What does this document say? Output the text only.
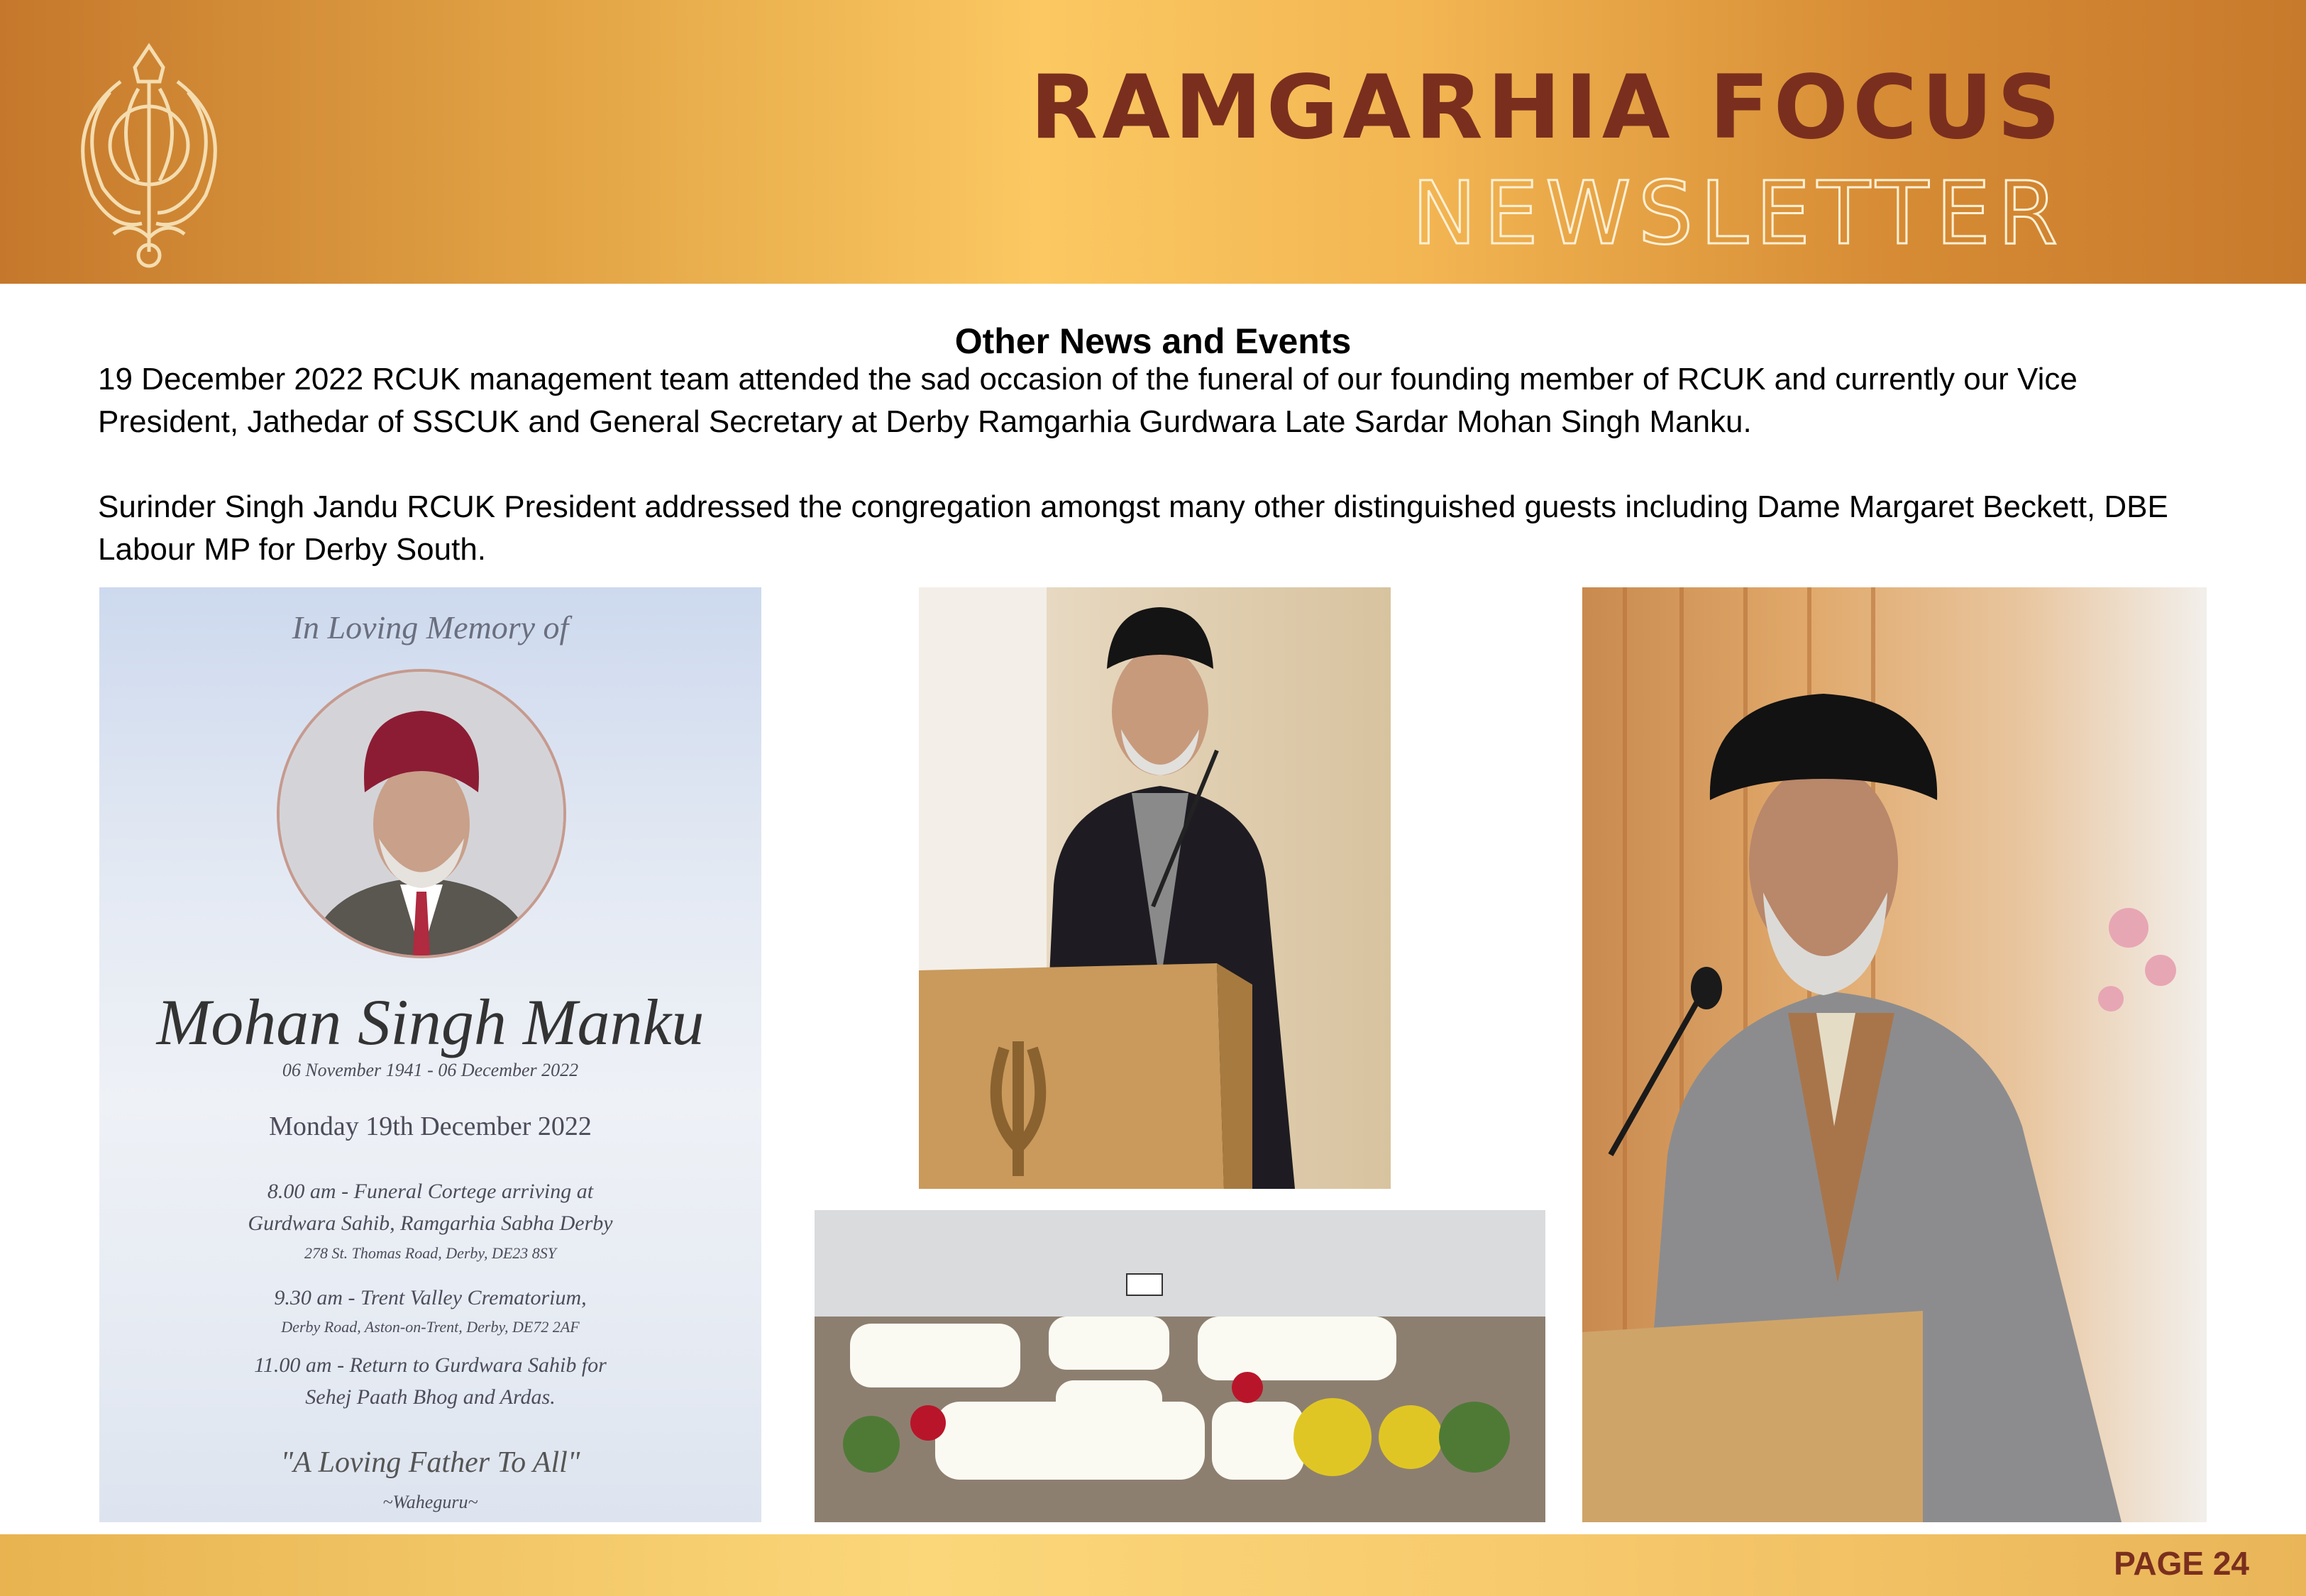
RAMGARHIA FOCUS
NEWSLETTER
Other News and Events

19 December 2022 RCUK management team attended the sad occasion of the funeral of our founding member of RCUK and currently our Vice President, Jathedar of SSCUK and General Secretary at Derby Ramgarhia Gurdwara Late Sardar Mohan Singh Manku.

Surinder Singh Jandu RCUK President addressed the congregation amongst many other distinguished guests including Dame Margaret Beckett, DBE Labour MP for Derby South.

In Loving Memory of
Mohan Singh Manku
06 November 1941 - 06 December 2022
Monday 19th December 2022
8.00 am - Funeral Cortege arriving at
Gurdwara Sahib, Ramgarhia Sabha Derby
278 St. Thomas Road, Derby, DE23 8SY
9.30 am - Trent Valley Crematorium,
Derby Road, Aston-on-Trent, Derby, DE72 2AF
11.00 am - Return to Gurdwara Sahib for
Sehej Paath Bhog and Ardas.
"A Loving Father To All"
~Waheguru~
PAGE 24
